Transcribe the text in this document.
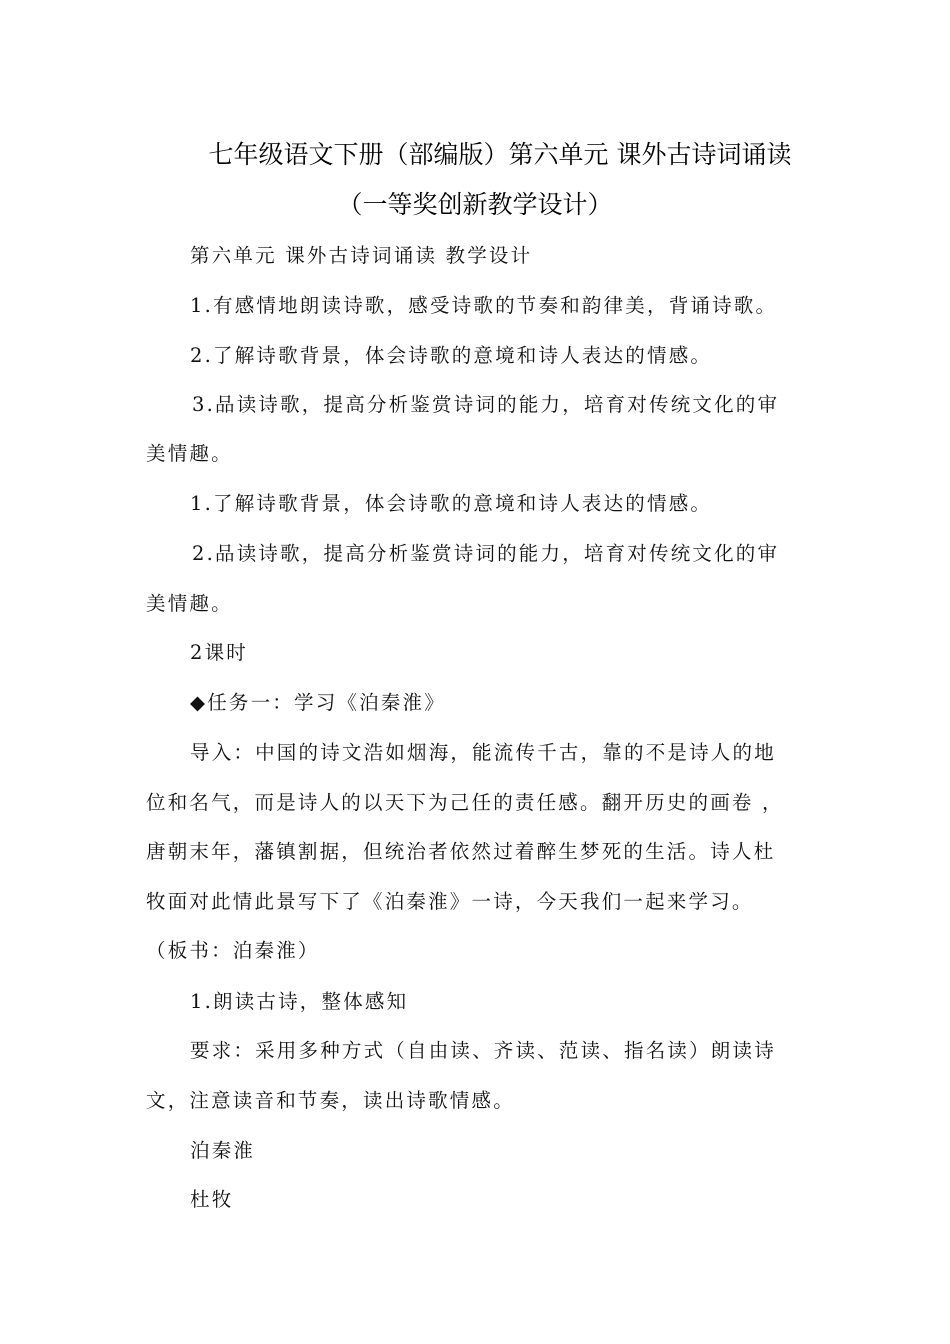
七年级语文下册（部编版）第六单元 课外古诗词诵读
（一等奖创新教学设计）

第六单元 课外古诗词诵读 教学设计

1.有感情地朗读诗歌，感受诗歌的节奏和韵律美，背诵诗歌。

2.了解诗歌背景，体会诗歌的意境和诗人表达的情感。

3.品读诗歌，提高分析鉴赏诗词的能力，培育对传统文化的审

美情趣。

1.了解诗歌背景，体会诗歌的意境和诗人表达的情感。

2.品读诗歌，提高分析鉴赏诗词的能力，培育对传统文化的审

美情趣。

2课时

◆任务一：学习《泊秦淮》

导入：中国的诗文浩如烟海，能流传千古，靠的不是诗人的地

位和名气，而是诗人的以天下为己任的责任感。翻开历史的画卷 ，

唐朝末年，藩镇割据，但统治者依然过着醉生梦死的生活。诗人杜

牧面对此情此景写下了《泊秦淮》一诗，今天我们一起来学习。

（板书：泊秦淮）

1.朗读古诗，整体感知

要求：采用多种方式（自由读、齐读、范读、指名读）朗读诗

文，注意读音和节奏，读出诗歌情感。

泊秦淮

杜牧
